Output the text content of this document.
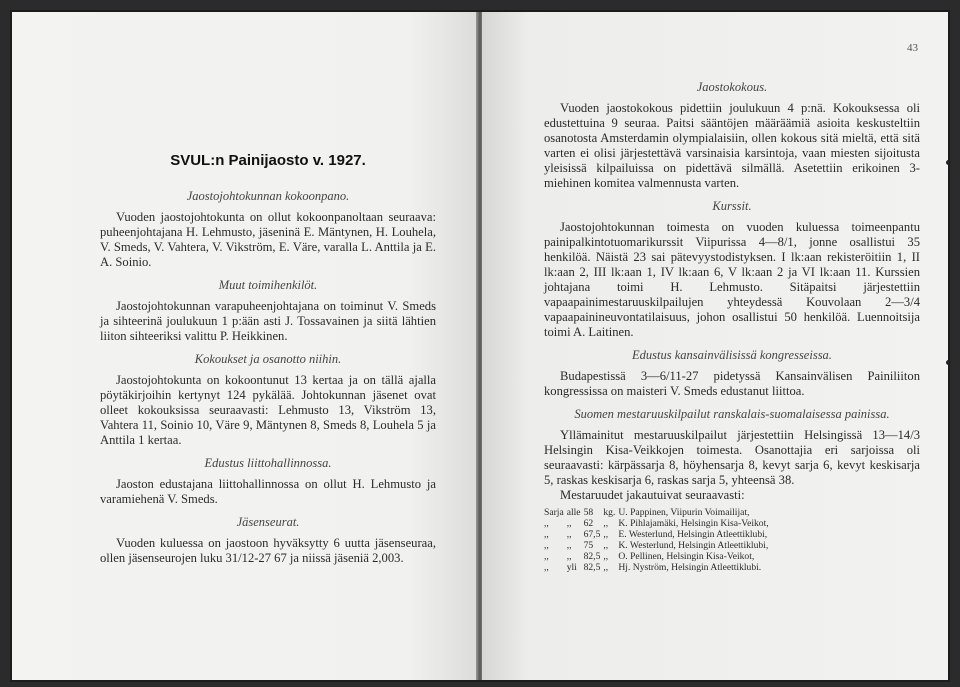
SVUL:n Painijaosto v. 1927.
Jaostojohtokunnan kokoonpano.

Vuoden jaostojohtokunta on ollut kokoonpanoltaan seuraava: puheenjohtajana H. Lehmusto, jäseninä E. Mäntynen, H. Louhela, V. Smeds, V. Vahtera, V. Vikström, E. Väre, varalla L. Anttila ja E. A. Soinio.

Muut toimihenkilöt.

Jaostojohtokunnan varapuheenjohtajana on toiminut V. Smeds ja sihteerinä joulukuun 1 p:ään asti J. Tossavainen ja siitä lähtien liiton sihteeriksi valittu P. Heikkinen.

Kokoukset ja osanotto niihin.

Jaostojohtokunta on kokoontunut 13 kertaa ja on tällä ajalla pöytäkirjoihin kertynyt 124 pykälää. Johtokunnan jäsenet ovat olleet kokouksissa seuraavasti: Lehmusto 13, Vikström 13, Vahtera 11, Soinio 10, Väre 9, Mäntynen 8, Smeds 8, Louhela 5 ja Anttila 1 kertaa.

Edustus liittohallinnossa.

Jaoston edustajana liittohallinnossa on ollut H. Lehmusto ja varamiehenä V. Smeds.

Jäsenseurat.

Vuoden kuluessa on jaostoon hyväksytty 6 uutta jäsenseuraa, ollen jäsenseurojen luku 31/12-27 67 ja niissä jäseniä 2,003.

43
Jaostokokous.

Vuoden jaostokokous pidettiin joulukuun 4 p:nä. Kokouksessa oli edustettuina 9 seuraa. Paitsi sääntöjen määräämiä asioita keskusteltiin osanotosta Amsterdamin olympialaisiin, ollen kokous sitä mieltä, että sitä varten ei olisi järjestettävä varsinaisia karsintoja, vaan miesten sijoitusta yleisissä kilpailuissa on pidettävä silmällä. Asetettiin erikoinen 3-miehinen komitea valmennusta varten.

Kurssit.

Jaostojohtokunnan toimesta on vuoden kuluessa toimeenpantu painipalkintotuomarikurssit Viipurissa 4—8/1, jonne osallistui 35 henkilöä. Näistä 23 sai pätevyystodistyksen. I lk:aan rekisteröitiin 1, II lk:aan 2, III lk:aan 1, IV lk:aan 6, V lk:aan 2 ja VI lk:aan 11. Kurssien johtajana toimi H. Lehmusto. Sitäpaitsi järjestettiin vapaapainimestaruuskilpailujen yhteydessä Kouvolaan 2—3/4 vapaapainineuvontatilaisuus, johon osallistui 50 henkilöä. Luennoitsija toimi A. Laitinen.

Edustus kansainvälisissä kongresseissa.

Budapestissä 3—6/11-27 pidetyssä Kansainvälisen Painiliiton kongressissa on maisteri V. Smeds edustanut liittoa.

Suomen mestaruuskilpailut ranskalais-suomalaisessa painissa.

Yllämainitut mestaruuskilpailut järjestettiin Helsingissä 13—14/3 Helsingin Kisa-Veikkojen toimesta. Osanottajia eri sarjoissa oli seuraavasti: kärpässarja 8, höyhensarja 8, kevyt sarja 6, kevyt keskisarja 5, raskas keskisarja 6, raskas sarja 5, yhteensä 38.

Mestaruudet jakautuivat seuraavasti:

Sarja	alle	58	kg.	U. Pappinen, Viipurin Voimailijat,
,,	,,	62	,,	K. Pihlajamäki, Helsingin Kisa-Veikot,
,,	,,	67,5	,,	E. Westerlund, Helsingin Atleettiklubi,
,,	,,	75	,,	K. Westerlund, Helsingin Atleettiklubi,
,,	,,	82,5	,,	O. Pellinen, Helsingin Kisa-Veikot,
,,	yli	82,5	,,	Hj. Nyström, Helsingin Atleettiklubi.
